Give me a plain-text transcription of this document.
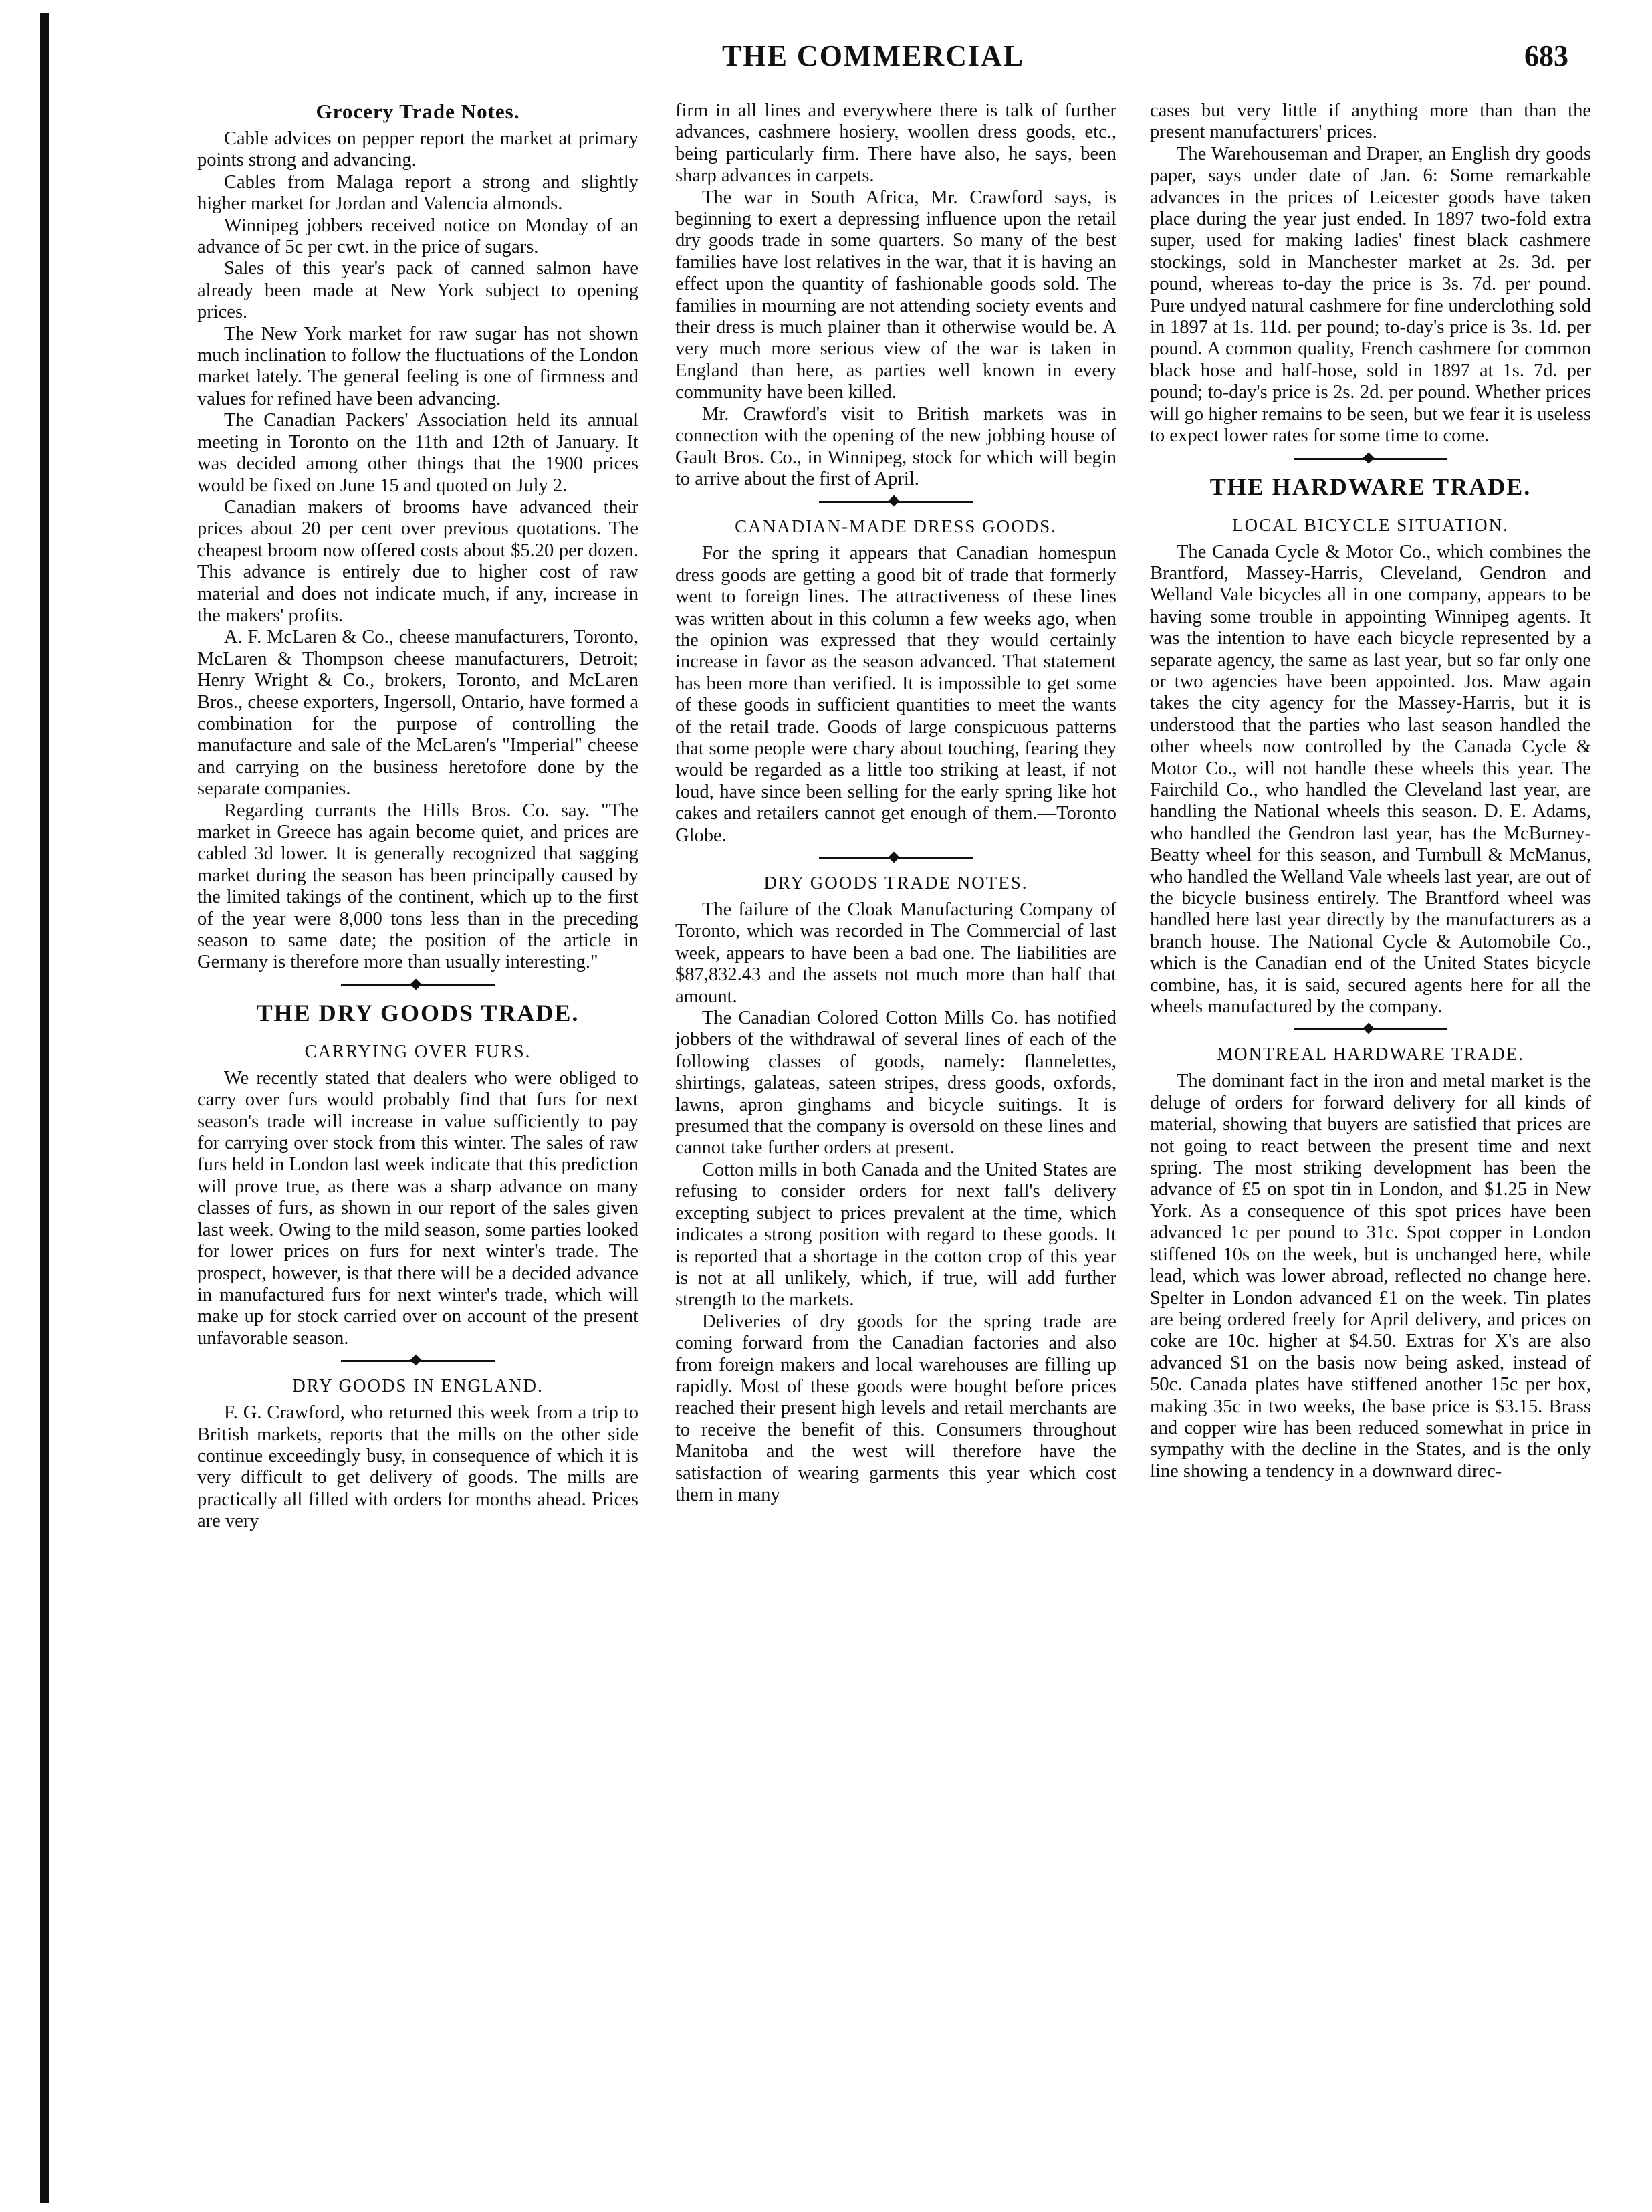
THE COMMERCIAL	683
Grocery Trade Notes.

Cable advices on pepper report the market at primary points strong and advancing.

Cables from Malaga report a strong and slightly higher market for Jordan and Valencia almonds.

Winnipeg jobbers received notice on Monday of an advance of 5c per cwt. in the price of sugars.

Sales of this year's pack of canned salmon have already been made at New York subject to opening prices.

The New York market for raw sugar has not shown much inclination to follow the fluctuations of the London market lately. The general feeling is one of firmness and values for refined have been advancing.

The Canadian Packers' Association held its annual meeting in Toronto on the 11th and 12th of January. It was decided among other things that the 1900 prices would be fixed on June 15 and quoted on July 2.

Canadian makers of brooms have advanced their prices about 20 per cent over previous quotations. The cheapest broom now offered costs about $5.20 per dozen. This advance is entirely due to higher cost of raw material and does not indicate much, if any, increase in the makers' profits.

A. F. McLaren & Co., cheese manufacturers, Toronto, McLaren & Thompson cheese manufacturers, Detroit; Henry Wright & Co., brokers, Toronto, and McLaren Bros., cheese exporters, Ingersoll, Ontario, have formed a combination for the purpose of controlling the manufacture and sale of the McLaren's "Imperial" cheese and carrying on the business heretofore done by the separate companies.

Regarding currants the Hills Bros. Co. say. "The market in Greece has again become quiet, and prices are cabled 3d lower. It is generally recognized that sagging market during the season has been principally caused by the limited takings of the continent, which up to the first of the year were 8,000 tons less than in the preceding season to same date; the position of the article in Germany is therefore more than usually interesting."

THE DRY GOODS TRADE.
CARRYING OVER FURS.

We recently stated that dealers who were obliged to carry over furs would probably find that furs for next season's trade will increase in value sufficiently to pay for carrying over stock from this winter. The sales of raw furs held in London last week indicate that this prediction will prove true, as there was a sharp advance on many classes of furs, as shown in our report of the sales given last week. Owing to the mild season, some parties looked for lower prices on furs for next winter's trade. The prospect, however, is that there will be a decided advance in manufactured furs for next winter's trade, which will make up for stock carried over on account of the present unfavorable season.

DRY GOODS IN ENGLAND.

F. G. Crawford, who returned this week from a trip to British markets, reports that the mills on the other side continue exceedingly busy, in consequence of which it is very difficult to get delivery of goods. The mills are practically all filled with orders for months ahead. Prices are very

firm in all lines and everywhere there is talk of further advances, cashmere hosiery, woollen dress goods, etc., being particularly firm. There have also, he says, been sharp advances in carpets.

The war in South Africa, Mr. Crawford says, is beginning to exert a depressing influence upon the retail dry goods trade in some quarters. So many of the best families have lost relatives in the war, that it is having an effect upon the quantity of fashionable goods sold. The families in mourning are not attending society events and their dress is much plainer than it otherwise would be. A very much more serious view of the war is taken in England than here, as parties well known in every community have been killed.

Mr. Crawford's visit to British markets was in connection with the opening of the new jobbing house of Gault Bros. Co., in Winnipeg, stock for which will begin to arrive about the first of April.

CANADIAN-MADE DRESS GOODS.

For the spring it appears that Canadian homespun dress goods are getting a good bit of trade that formerly went to foreign lines. The attractiveness of these lines was written about in this column a few weeks ago, when the opinion was expressed that they would certainly increase in favor as the season advanced. That statement has been more than verified. It is impossible to get some of these goods in sufficient quantities to meet the wants of the retail trade. Goods of large conspicuous patterns that some people were chary about touching, fearing they would be regarded as a little too striking at least, if not loud, have since been selling for the early spring like hot cakes and retailers cannot get enough of them.—Toronto Globe.

DRY GOODS TRADE NOTES.

The failure of the Cloak Manufacturing Company of Toronto, which was recorded in The Commercial of last week, appears to have been a bad one. The liabilities are $87,832.43 and the assets not much more than half that amount.

The Canadian Colored Cotton Mills Co. has notified jobbers of the withdrawal of several lines of each of the following classes of goods, namely: flannelettes, shirtings, galateas, sateen stripes, dress goods, oxfords, lawns, apron ginghams and bicycle suitings. It is presumed that the company is oversold on these lines and cannot take further orders at present.

Cotton mills in both Canada and the United States are refusing to consider orders for next fall's delivery excepting subject to prices prevalent at the time, which indicates a strong position with regard to these goods. It is reported that a shortage in the cotton crop of this year is not at all unlikely, which, if true, will add further strength to the markets.

Deliveries of dry goods for the spring trade are coming forward from the Canadian factories and also from foreign makers and local warehouses are filling up rapidly. Most of these goods were bought before prices reached their present high levels and retail merchants are to receive the benefit of this. Consumers throughout Manitoba and the west will therefore have the satisfaction of wearing garments this year which cost them in many

cases but very little if anything more than than the present manufacturers' prices.

The Warehouseman and Draper, an English dry goods paper, says under date of Jan. 6: Some remarkable advances in the prices of Leicester goods have taken place during the year just ended. In 1897 two-fold extra super, used for making ladies' finest black cashmere stockings, sold in Manchester market at 2s. 3d. per pound, whereas to-day the price is 3s. 7d. per pound. Pure undyed natural cashmere for fine underclothing sold in 1897 at 1s. 11d. per pound; to-day's price is 3s. 1d. per pound. A common quality, French cashmere for common black hose and half-hose, sold in 1897 at 1s. 7d. per pound; to-day's price is 2s. 2d. per pound. Whether prices will go higher remains to be seen, but we fear it is useless to expect lower rates for some time to come.

THE HARDWARE TRADE.
LOCAL BICYCLE SITUATION.

The Canada Cycle & Motor Co., which combines the Brantford, Massey-Harris, Cleveland, Gendron and Welland Vale bicycles all in one company, appears to be having some trouble in appointing Winnipeg agents. It was the intention to have each bicycle represented by a separate agency, the same as last year, but so far only one or two agencies have been appointed. Jos. Maw again takes the city agency for the Massey-Harris, but it is understood that the parties who last season handled the other wheels now controlled by the Canada Cycle & Motor Co., will not handle these wheels this year. The Fairchild Co., who handled the Cleveland last year, are handling the National wheels this season. D. E. Adams, who handled the Gendron last year, has the McBurney-Beatty wheel for this season, and Turnbull & McManus, who handled the Welland Vale wheels last year, are out of the bicycle business entirely. The Brantford wheel was handled here last year directly by the manufacturers as a branch house. The National Cycle & Automobile Co., which is the Canadian end of the United States bicycle combine, has, it is said, secured agents here for all the wheels manufactured by the company.

MONTREAL HARDWARE TRADE.

The dominant fact in the iron and metal market is the deluge of orders for forward delivery for all kinds of material, showing that buyers are satisfied that prices are not going to react between the present time and next spring. The most striking development has been the advance of £5 on spot tin in London, and $1.25 in New York. As a consequence of this spot prices have been advanced 1c per pound to 31c. Spot copper in London stiffened 10s on the week, but is unchanged here, while lead, which was lower abroad, reflected no change here. Spelter in London advanced £1 on the week. Tin plates are being ordered freely for April delivery, and prices on coke are 10c. higher at $4.50. Extras for X's are also advanced $1 on the basis now being asked, instead of 50c. Canada plates have stiffened another 15c per box, making 35c in two weeks, the base price is $3.15. Brass and copper wire has been reduced somewhat in price in sympathy with the decline in the States, and is the only line showing a tendency in a downward direc-
